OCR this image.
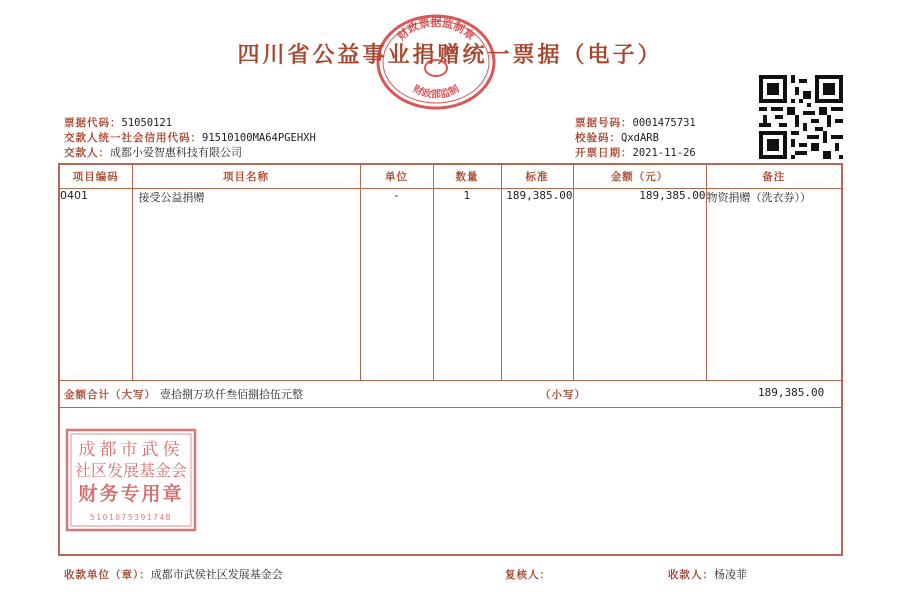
四川省公益事业捐赠统一票据（电子）
财政票据监制章
财政部监制
票据代码：51050121
交款人统一社会信用代码：91510100MA64PGEHXH
交款人：成都小爱智惠科技有限公司
票据号码：0001475731
校验码：QxdARB
开票日期：2021-11-26
项目编码	项目名称	单位	数量	标准	金额（元）	备注
0401	接受公益捐赠	-	1	189,385.00	189,385.00	物资捐赠（洗衣券））

金额合计（大写） 壹拾捌万玖仟叁佰捌拾伍元整 （小写） 189,385.00						

成都市武侯
社区发展基金会
财务专用章
510107539174B
收款单位（章）：成都市武侯社区发展基金会	复核人：	收款人：杨凌菲
